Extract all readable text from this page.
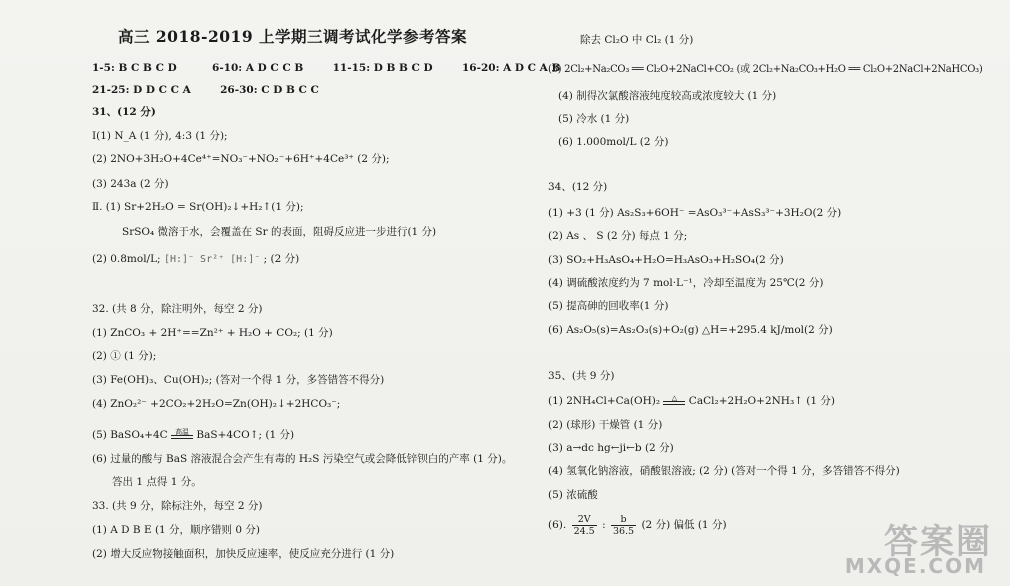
高三 2018-2019 上学期三调考试化学参考答案
1-5: B C B C D	6-10: A D C C B	11-15: D B B C D	16-20: A D C A B
21-25: D D C C A	26-30: C D B C C
31、(12 分)
Ⅰ(1) N_A (1 分), 4:3 (1 分);
(2) 2NO+3H₂O+4Ce⁴⁺=NO₃⁻+NO₂⁻+6H⁺+4Ce³⁺ (2 分);
(3) 243a (2 分)
Ⅱ. (1) Sr+2H₂O = Sr(OH)₂↓+H₂↑(1 分);
SrSO₄ 微溶于水，会覆盖在 Sr 的表面，阻碍反应进一步进行(1 分)
(2) 0.8mol/L; [H:]⁻ Sr²⁺ [H:]⁻ ; (2 分)
32. (共 8 分，除注明外，每空 2 分)
(1) ZnCO₃ + 2H⁺==Zn²⁺ + H₂O + CO₂; (1 分)
(2) ① (1 分);
(3) Fe(OH)₃、Cu(OH)₂; (答对一个得 1 分，多答错答不得分)
(4) ZnO₂²⁻ +2CO₂+2H₂O=Zn(OH)₂↓+2HCO₃⁻;
(5) BaSO₄+4C	高温 BaS+4CO↑; (1 分)
(6) 过量的酸与 BaS 溶液混合会产生有毒的 H₂S 污染空气或会降低锌钡白的产率 (1 分)。
答出 1 点得 1 分。
33. (共 9 分，除标注外，每空 2 分)
(1) A D B E (1 分，顺序错则 0 分)
(2) 增大反应物接触面积，加快反应速率，使反应充分进行 (1 分)
除去 Cl₂O 中 Cl₂ (1 分)
(3) 2Cl₂+Na₂CO₃ ══ Cl₂O+2NaCl+CO₂ (或 2Cl₂+Na₂CO₃+H₂O ══ Cl₂O+2NaCl+2NaHCO₃)
(4) 制得次氯酸溶液纯度较高或浓度较大 (1 分)
(5) 冷水 (1 分)
(6) 1.000mol/L (2 分)
34、(12 分)
(1) +3 (1 分) As₂S₃+6OH⁻ =AsO₃³⁻+AsS₃³⁻+3H₂O(2 分)
(2) As 、 S (2 分) 每点 1 分;
(3) SO₂+H₃AsO₄+H₂O=H₃AsO₃+H₂SO₄(2 分)
(4) 调硫酸浓度约为 7 mol·L⁻¹，冷却至温度为 25℃(2 分)
(5) 提高砷的回收率(1 分)
(6) As₂O₅(s)=As₂O₃(s)+O₂(g) △H=+295.4 kJ/mol(2 分)
35、(共 9 分)
(1) 2NH₄Cl+Ca(OH)₂	△	CaCl₂+2H₂O+2NH₃↑ (1 分)
(2) (球形) 干燥管 (1 分)
(3) a→dc hg←ji←b (2 分)
(4) 氢氧化钠溶液，硝酸银溶液; (2 分) (答对一个得 1 分，多答错答不得分)
(5) 浓硫酸
(6). $\frac{2V}{24.5}$ : $\frac{b}{36.5} (2$ 分) 偏低 (1 分)	答案圈
MXQE.COM
